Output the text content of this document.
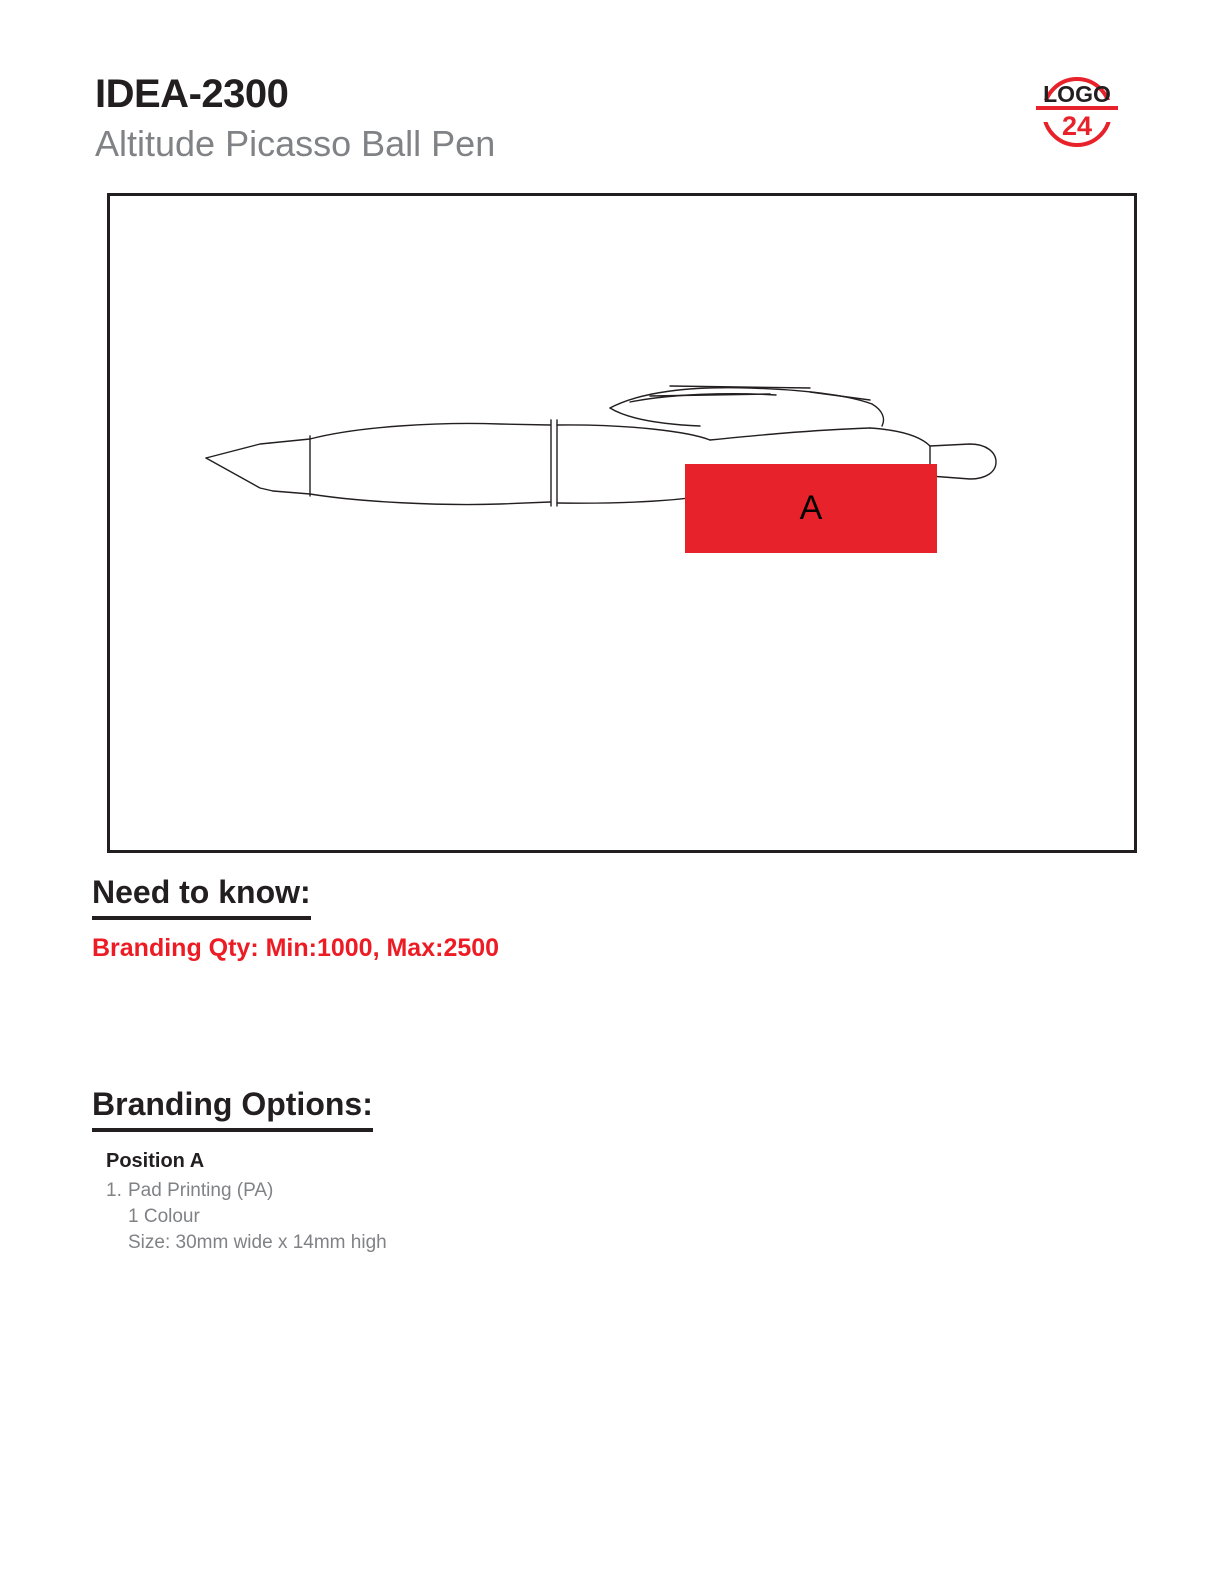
IDEA-2300
Altitude Picasso Ball Pen
LOGO
24
A
Need to know:
Branding Qty: Min:1000, Max:2500
Branding Options:
Position A
1. Pad Printing (PA)
1 Colour
Size: 30mm wide x 14mm high
